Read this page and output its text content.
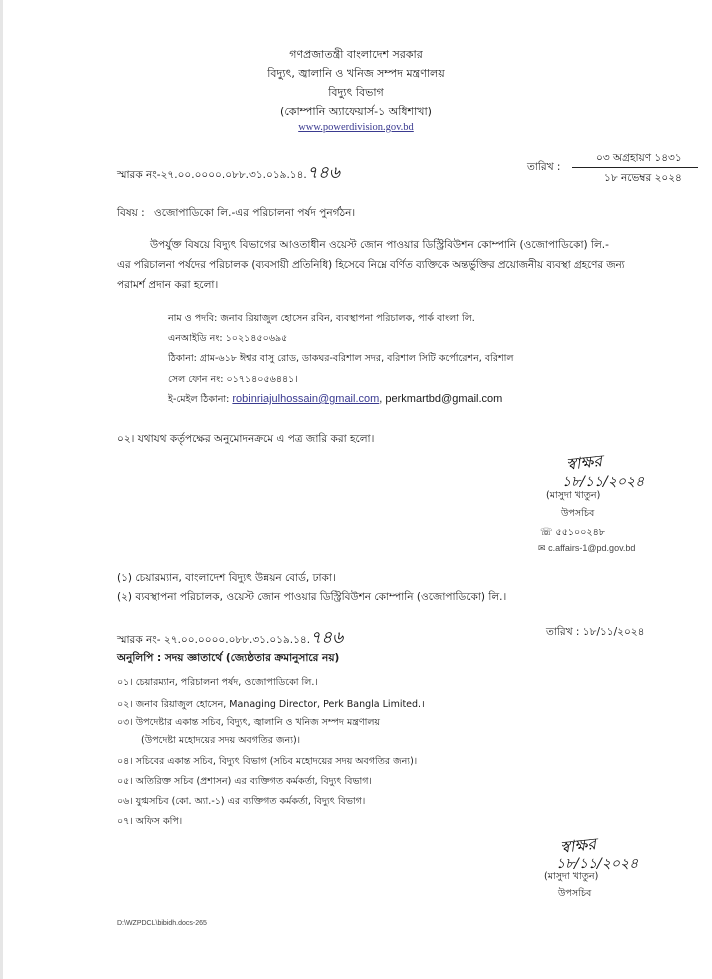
গণপ্রজাতন্ত্রী বাংলাদেশ সরকার
বিদ্যুৎ, জ্বালানি ও খনিজ সম্পদ মন্ত্রণালয়
বিদ্যুৎ বিভাগ
(কোম্পানি অ্যাফেয়ার্স-১ অধিশাখা)
www.powerdivision.gov.bd
স্মারক নং-২৭.০০.০০০০.০৮৮.৩১.০১৯.১৪.৭৪৬	তারিখ :
০৩ অগ্রহায়ণ ১৪৩১
১৮ নভেম্বর ২০২৪
বিষয় : ওজোপাডিকো লি.-এর পরিচালনা পর্ষদ পুনর্গঠন।
উপর্যুক্ত বিষয়ে বিদ্যুৎ বিভাগের আওতাধীন ওয়েস্ট জোন পাওয়ার ডিস্ট্রিবিউশন কোম্পানি (ওজোপাডিকো) লি.-
এর পরিচালনা পর্ষদের পরিচালক (ব্যবসায়ী প্রতিনিধি) হিসেবে নিম্নে বর্ণিত ব্যক্তিকে অন্তর্ভুক্তির প্রয়োজনীয় ব্যবস্থা গ্রহণের জন্য
পরামর্শ প্রদান করা হলো।
নাম ও পদবি: জনাব রিয়াজুল হোসেন রবিন, ব্যবস্থাপনা পরিচালক, পার্ক বাংলা লি.
এনআইডি নং: ১০২১৪৫০৬৯৫
ঠিকানা: গ্রাম-৬১৮ ঈশ্বর বাসু রোড, ডাকঘর-বরিশাল সদর, বরিশাল সিটি কর্পোরেশন, বরিশাল
সেল ফোন নং: ০১৭১৪০৫৬৪৪১।
ই-মেইল ঠিকানা: robinriajulhossain@gmail.com, perkmartbd@gmail.com
০২। যথাযথ কর্তৃপক্ষের অনুমোদনক্রমে এ পত্র জারি করা হলো।
স্বাক্ষর
১৮/১১/২০২৪
(মাসুদা খাতুন)
উপসচিব
☏ ৫৫১০০২৪৮
✉ c.affairs-1@pd.gov.bd
(১) চেয়ারম্যান, বাংলাদেশ বিদ্যুৎ উন্নয়ন বোর্ড, ঢাকা।
(২) ব্যবস্থাপনা পরিচালক, ওয়েস্ট জোন পাওয়ার ডিস্ট্রিবিউশন কোম্পানি (ওজোপাডিকো) লি.।
স্মারক নং- ২৭.০০.০০০০.০৮৮.৩১.০১৯.১৪.৭৪৬	তারিখ : ১৮/১১/২০২৪
অনুলিপি : সদয় জ্ঞাতার্থে (জ্যেষ্ঠতার ক্রমানুসারে নয়)
০১। চেয়ারম্যান, পরিচালনা পর্ষদ, ওজোপাডিকো লি.।
০২। জনাব রিয়াজুল হোসেন, Managing Director, Perk Bangla Limited.।
০৩। উপদেষ্টার একান্ত সচিব, বিদ্যুৎ, জ্বালানি ও খনিজ সম্পদ মন্ত্রণালয়
(উপদেষ্টা মহোদয়ের সদয় অবগতির জন্য)।
০৪। সচিবের একান্ত সচিব, বিদ্যুৎ বিভাগ (সচিব মহোদয়ের সদয় অবগতির জন্য)।
০৫। অতিরিক্ত সচিব (প্রশাসন) এর ব্যক্তিগত কর্মকর্তা, বিদ্যুৎ বিভাগ।
০৬। যুগ্মসচিব (কো. অ্যা.-১) এর ব্যক্তিগত কর্মকর্তা, বিদ্যুৎ বিভাগ।
০৭। অফিস কপি।
স্বাক্ষর
১৮/১১/২০২৪
(মাসুদা খাতুন)
উপসচিব
D:\WZPDCL\bibidh.docs-265
